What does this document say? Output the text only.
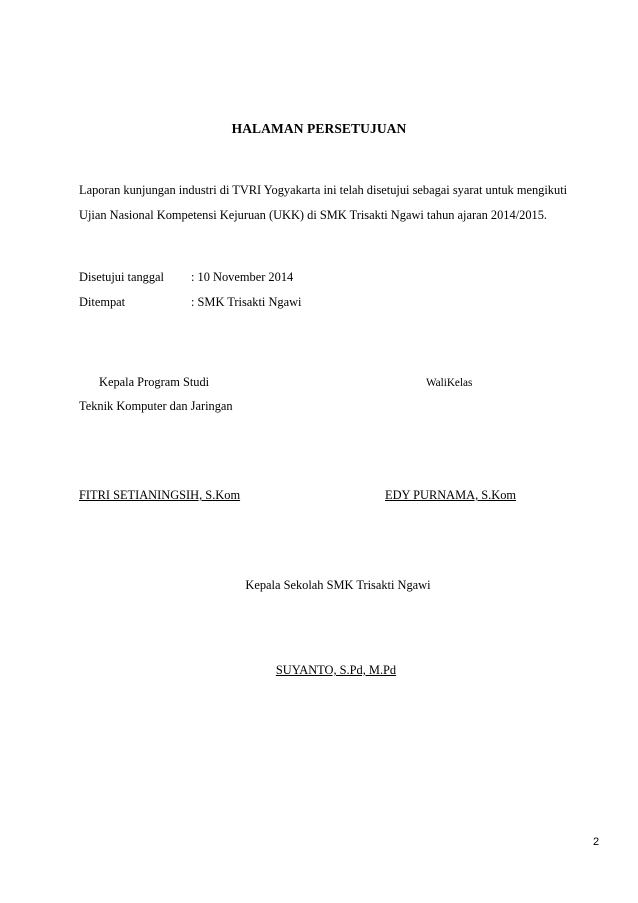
HALAMAN PERSETUJUAN
Laporan kunjungan industri di TVRI Yogyakarta ini telah disetujui sebagai syarat untuk mengikuti
Ujian Nasional Kompetensi Kejuruan (UKK) di SMK Trisakti Ngawi tahun ajaran 2014/2015.
Disetujui tanggal : 10 November 2014
Ditempat	: SMK Trisakti Ngawi
Kepala Program Studi
Teknik Komputer dan Jaringan
WaliKelas
FITRI SETIANINGSIH, S.Kom	EDY PURNAMA, S.Kom
Kepala Sekolah SMK Trisakti Ngawi
SUYANTO, S.Pd, M.Pd
2
